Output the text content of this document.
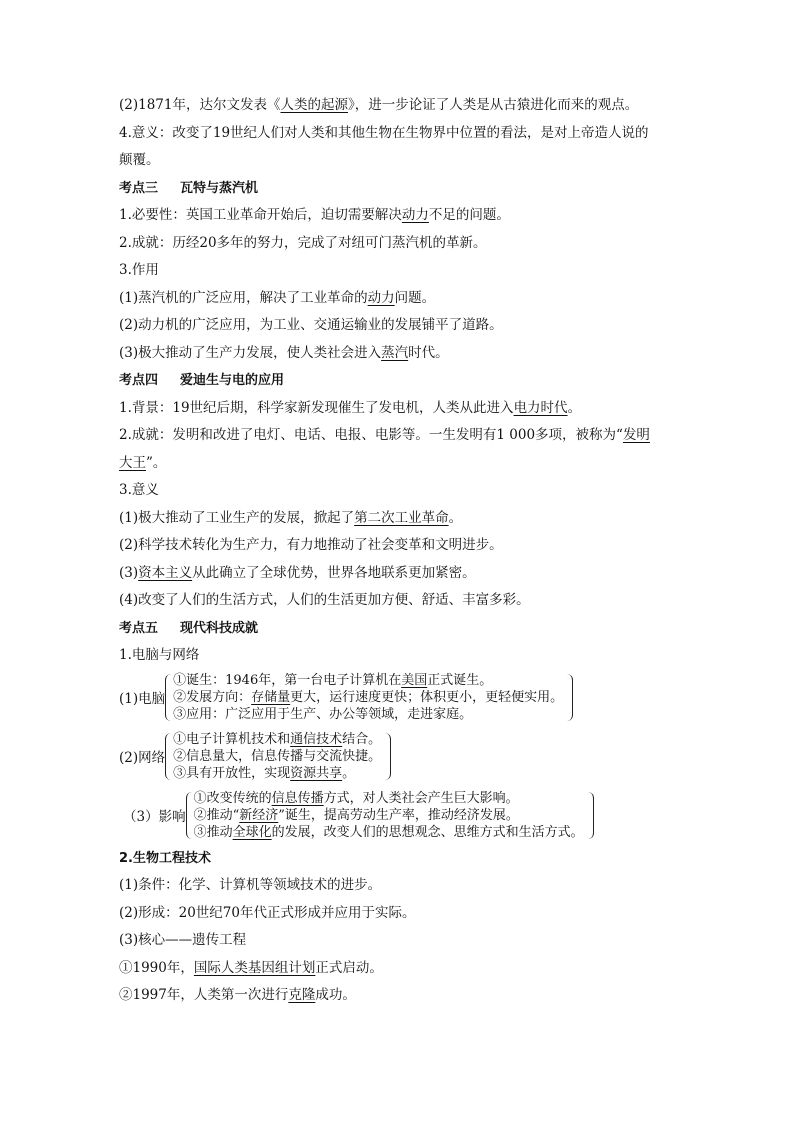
(2)1871年，达尔文发表《人类的起源》，进一步论证了人类是从古猿进化而来的观点。
4.意义：改变了19世纪人们对人类和其他生物在生物界中位置的看法，是对上帝造人说的
颠覆。
考点三 瓦特与蒸汽机
1.必要性：英国工业革命开始后，迫切需要解决动力不足的问题。
2.成就：历经20多年的努力，完成了对纽可门蒸汽机的革新。
3.作用
(1)蒸汽机的广泛应用，解决了工业革命的动力问题。
(2)动力机的广泛应用，为工业、交通运输业的发展铺平了道路。
(3)极大推动了生产力发展，使人类社会进入蒸汽时代。
考点四 爱迪生与电的应用
1.背景：19世纪后期，科学家新发现催生了发电机，人类从此进入电力时代。
2.成就：发明和改进了电灯、电话、电报、电影等。一生发明有1 000多项，被称为“发明
大王”。
3.意义
(1)极大推动了工业生产的发展，掀起了第二次工业革命。
(2)科学技术转化为生产力，有力地推动了社会变革和文明进步。
(3)资本主义从此确立了全球优势，世界各地联系更加紧密。
(4)改变了人们的生活方式，人们的生活更加方便、舒适、丰富多彩。
考点五 现代科技成就
1.电脑与网络
(1)电脑
①诞生：1946年，第一台电子计算机在美国正式诞生。
②发展方向：存储量更大，运行速度更快；体积更小，更轻便实用。
③应用：广泛应用于生产、办公等领域，走进家庭。
(2)网络
①电子计算机技术和通信技术结合。
②信息量大，信息传播与交流快捷。
③具有开放性，实现资源共享。
（3）影响
①改变传统的信息传播方式，对人类社会产生巨大影响。
②推动“新经济”诞生，提高劳动生产率，推动经济发展。
③推动全球化的发展，改变人们的思想观念、思维方式和生活方式。
2.生物工程技术
(1)条件：化学、计算机等领域技术的进步。
(2)形成：20世纪70年代正式形成并应用于实际。
(3)核心——遗传工程
①1990年，国际人类基因组计划正式启动。
②1997年，人类第一次进行克隆成功。
